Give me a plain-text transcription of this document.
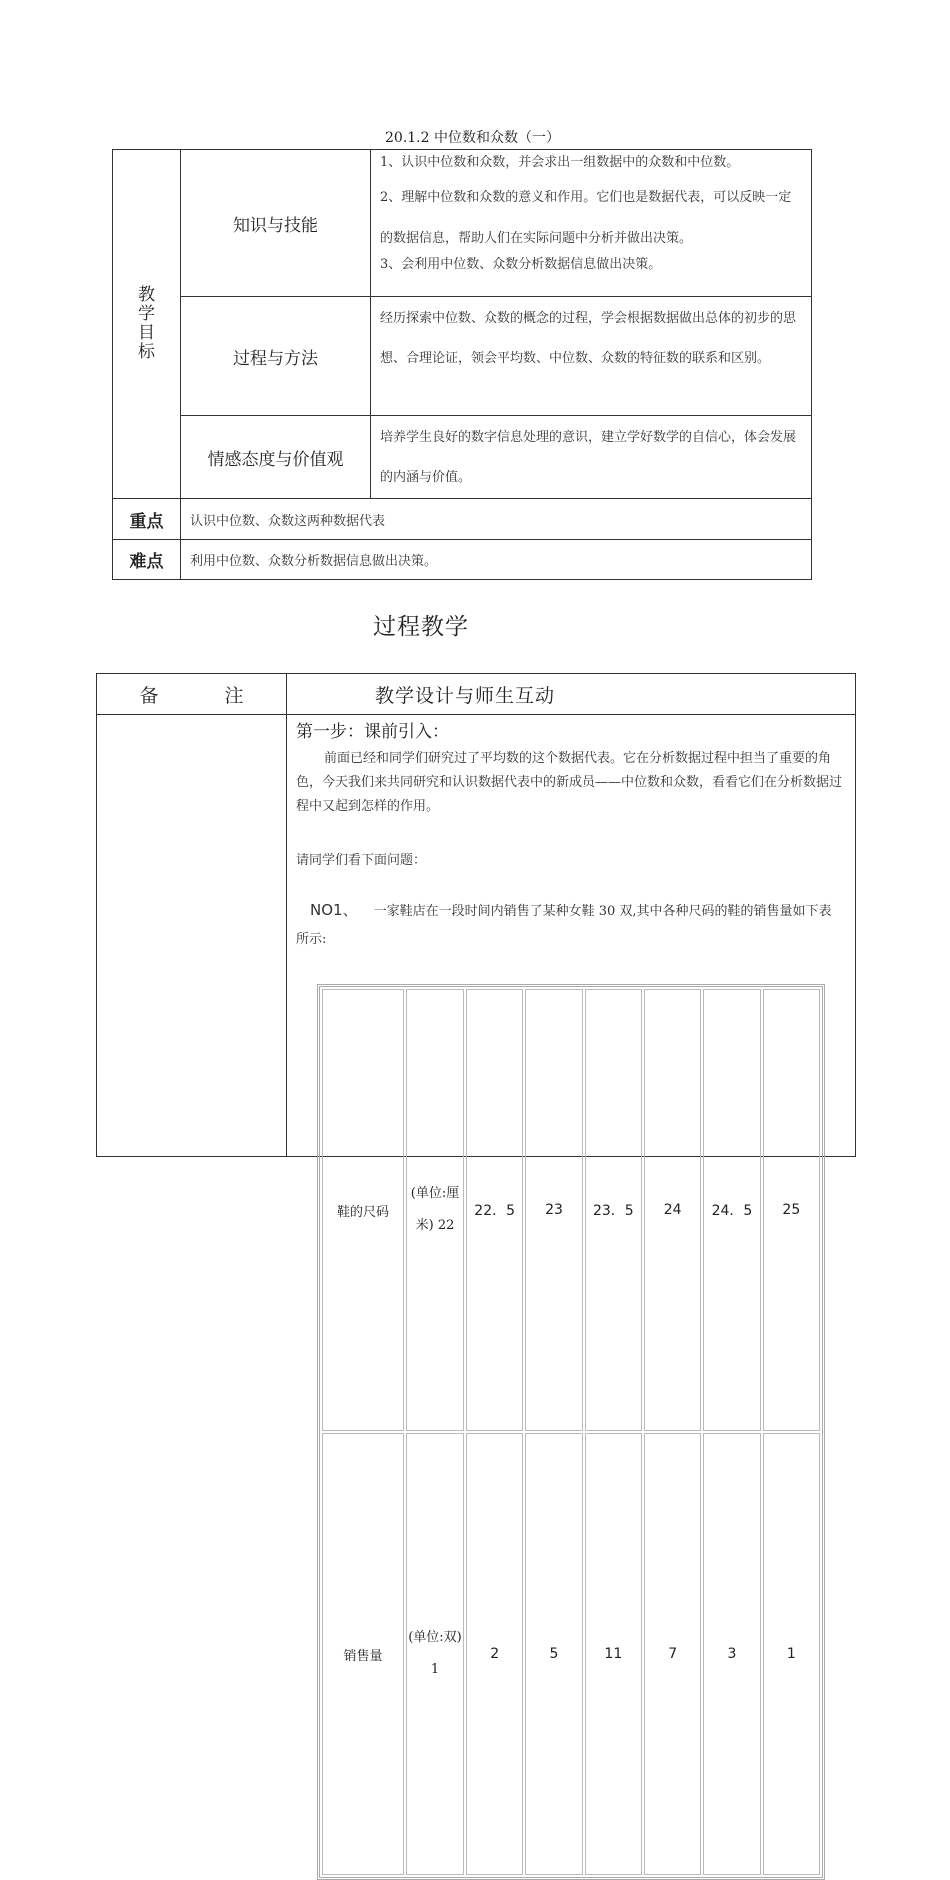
20.1.2 中位数和众数（一）
教学目标	知识与技能	1、认识中位数和众数，并会求出一组数据中的众数和中位数。
2、理解中位数和众数的意义和作用。它们也是数据代表，可以反映一定的数据信息，帮助人们在实际问题中分析并做出决策。
3、会利用中位数、众数分析数据信息做出决策。

	过程与方法	经历探索中位数、众数的概念的过程，学会根据数据做出总体的初步的思想、合理论证，领会平均数、中位数、众数的特征数的联系和区别。
	情感态度与价值观	培养学生良好的数字信息处理的意识，建立学好数学的自信心，体会发展的内涵与价值。
重点	认识中位数、众数这两种数据代表	
难点	利用中位数、众数分析数据信息做出决策。	
过程教学
备 注	教学设计与师生互动

第一步：课前引入：
前面已经和同学们研究过了平均数的这个数据代表。它在分析数据过程中担当了重要的角色，今天我们来共同研究和认识数据代表中的新成员——中位数和众数，看看它们在分析数据过程中又起到怎样的作用。
请同学们看下面问题：
NO1、 一家鞋店在一段时间内销售了某种女鞋 30 双,其中各种尺码的鞋的销售量如下表所示:
鞋的尺码	(单位:厘米) 22	22．5	23	23．5	24	24．5	25
销售量	(单位:双) 1	2	5	11	7	3	1
